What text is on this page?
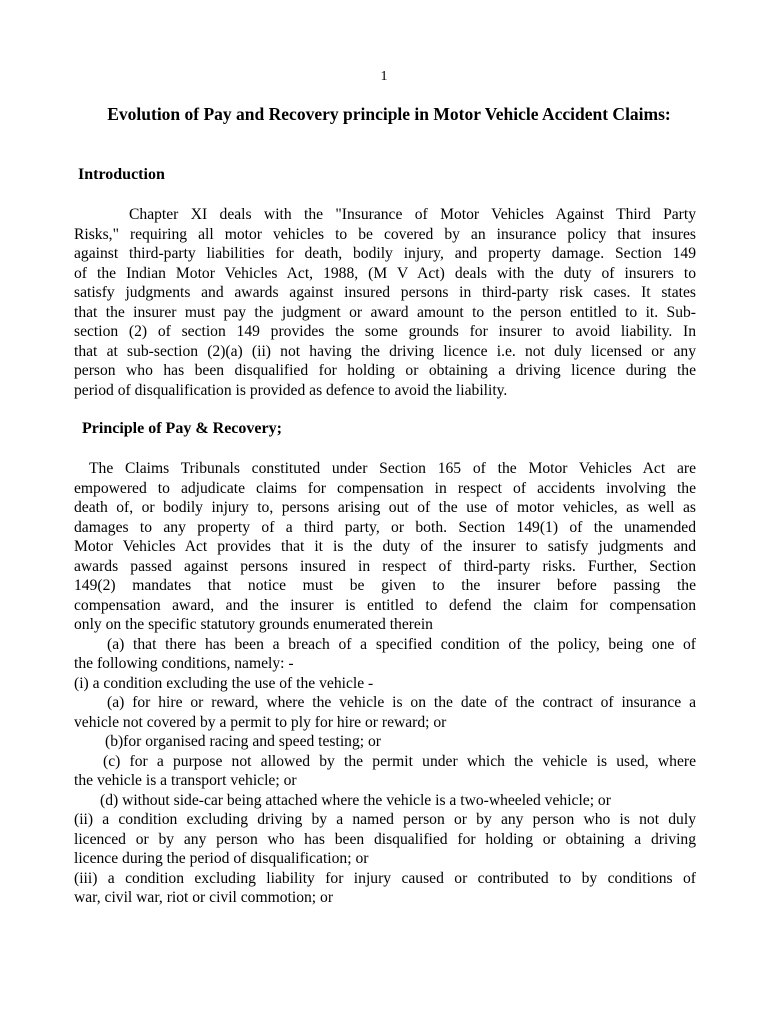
1
Evolution of Pay and Recovery principle in Motor Vehicle Accident Claims:
Introduction
Chapter XI deals with the "Insurance of Motor Vehicles Against Third Party
Risks," requiring all motor vehicles to be covered by an insurance policy that insures
against third-party liabilities for death, bodily injury, and property damage. Section 149
of the Indian Motor Vehicles Act, 1988, (M V Act) deals with the duty of insurers to
satisfy judgments and awards against insured persons in third-party risk cases. It states
that the insurer must pay the judgment or award amount to the person entitled to it. Sub-
section (2) of section 149 provides the some grounds for insurer to avoid liability. In
that at sub-section (2)(a) (ii) not having the driving licence i.e. not duly licensed or any
person who has been disqualified for holding or obtaining a driving licence during the
period of disqualification is provided as defence to avoid the liability.
Principle of Pay & Recovery;
The Claims Tribunals constituted under Section 165 of the Motor Vehicles Act are
empowered to adjudicate claims for compensation in respect of accidents involving the
death of, or bodily injury to, persons arising out of the use of motor vehicles, as well as
damages to any property of a third party, or both. Section 149(1) of the unamended
Motor Vehicles Act provides that it is the duty of the insurer to satisfy judgments and
awards passed against persons insured in respect of third-party risks. Further, Section
149(2) mandates that notice must be given to the insurer before passing the
compensation award, and the insurer is entitled to defend the claim for compensation
only on the specific statutory grounds enumerated therein
(a) that there has been a breach of a specified condition of the policy, being one of
the following conditions, namely: -
(i) a condition excluding the use of the vehicle -
(a) for hire or reward, where the vehicle is on the date of the contract of insurance a
vehicle not covered by a permit to ply for hire or reward; or
(b)for organised racing and speed testing; or
(c) for a purpose not allowed by the permit under which the vehicle is used, where
the vehicle is a transport vehicle; or
(d) without side-car being attached where the vehicle is a two-wheeled vehicle; or
(ii) a condition excluding driving by a named person or by any person who is not duly
licenced or by any person who has been disqualified for holding or obtaining a driving
licence during the period of disqualification; or
(iii) a condition excluding liability for injury caused or contributed to by conditions of
war, civil war, riot or civil commotion; or
